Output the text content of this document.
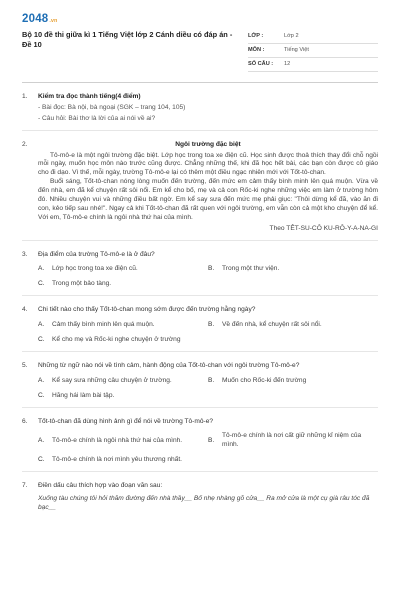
2048 .vn
Bộ 10 đề thi giữa kì 1 Tiếng Việt lớp 2 Cánh diều có đáp án - Đề 10
LỚP :	Lớp 2
MÔN :	Tiếng Việt
SỐ CÂU :	12
1.	Kiểm tra đọc thành tiếng(4 điểm)
- Bài đọc: Bà nội, bà ngoại (SGK – trang 104, 105)
- Câu hỏi: Bài thơ là lời của ai nói về ai?
2.	Ngôi trường đặc biệt
Tô-mô-e là một ngôi trường đặc biệt. Lớp học trong toa xe điện cũ. Học sinh được thoả thích thay đổi chỗ ngồi mỗi ngày, muốn học môn nào trước cũng được. Chẳng những thế, khi đã học hết bài, các bạn còn được cô giáo cho đi dạo. Vì thế, mỗi ngày, trường Tô-mô-e lại có thêm một điều ngạc nhiên mới với Tốt-tô-chan.
Buổi sáng, Tốt-tô-chan nóng lòng muốn đến trường, đến mức em cảm thấy bình minh lên quá muộn. Vừa về đến nhà, em đã kể chuyện rất sôi nổi. Em kể cho bố, mẹ và cả con Rốc-ki nghe những việc em làm ở trường hôm đó. Nhiều chuyện vui và những điều bất ngờ. Em kể say sưa đến mức mẹ phải giục: "Thôi dừng kể đã, vào ăn đi con, kẻo tiếp sau nhé!". Ngay cả khi Tốt-tô-chan đã rất quen với ngôi trường, em vẫn còn cả một kho chuyện để kể. Với em, Tô-mô-e chính là ngôi nhà thứ hai của mình.
Theo TÊT-SU-CÔ KU-RÔ-Y-A-NA-GI
3.	Địa điểm của trường Tô-mô-e là ở đâu?
A.	Lớp học trong toa xe điện cũ.	B.	Trong một thư viện.
C.	Trong một bảo tàng.
4.	Chi tiết nào cho thấy Tốt-tô-chan mong sớm được đến trường hằng ngày?
A.	Cảm thấy bình minh lên quá muộn.	B.	Về đến nhà, kể chuyện rất sôi nổi.
C.	Kể cho mẹ và Rốc-ki nghe chuyện ở trường
5.	Những từ ngữ nào nói về tình cảm, hành động của Tốt-tô-chan với ngôi trường Tô-mô-e?
A.	Kể say sưa những câu chuyện ở trường.	B.	Muốn cho Rốc-ki đến trường
C.	Hăng hái làm bài tập.
6.	Tốt-tô-chan đã dùng hình ảnh gì để nói về trường Tô-mô-e?
A.	Tô-mô-e chính là ngôi nhà thứ hai của mình.	B.
Tô-mô-e chính là nơi cất giữ những kỉ niệm của mình.
C.	Tô-mô-e chính là nơi mình yêu thương nhất.
7.	Điền dấu câu thích hợp vào đoạn văn sau:
Xuống tàu chúng tôi hỏi thăm đường đến nhà thầy__ Bố nhẹ nhàng gõ cửa__ Ra mở cửa là một cụ già râu tóc đã bạc__
